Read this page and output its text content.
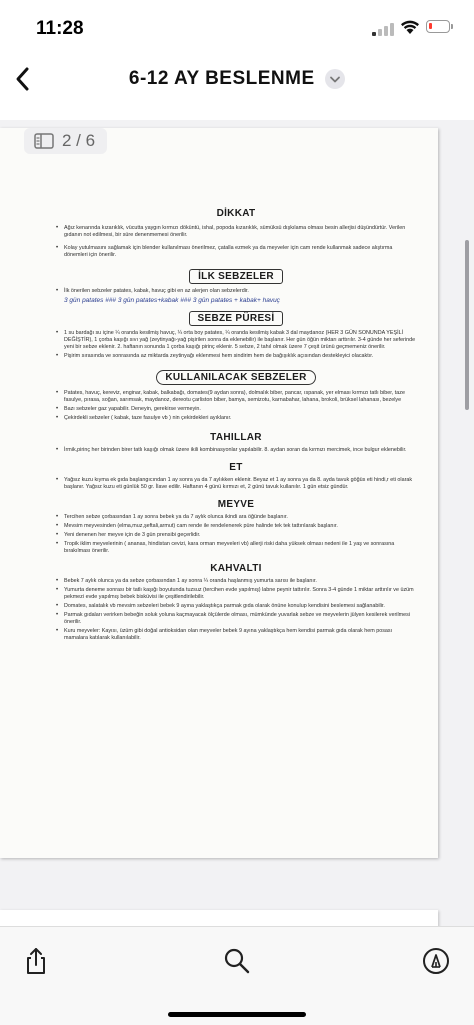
11:28
6-12 AY BESLENME
DİKKAT

• Ağız kenarında kızarıklık, vücutta yaygın kırmızı döküntü, ishal, popoda kızarıklık, sümüksü dışkılama olması besin allerjisi düşündürtür. Verilen gıdanın not edilmesi, bir süre denenmemesi önerilir.

• Kolay yutulmasını sağlamak için blender kullanılması önerilmez, çatalla ezmek ya da meyveler için cam rende kullanmak sadece alıştırma dönemleri için önerilir.

İLK SEBZELER

• İlk önerilen sebzeler patates, kabak, havuç gibi en az alerjen olan sebzelerdir.

3 gün patates ### 3 gün patates+kabak ### 3 gün patates + kabak+ havuç

SEBZE PÜRESİ

• 1 su bardağı su içine ¼ oranda kesilmiş havuç, ¼ orta boy patates, ¼ oranda kesilmiş kabak 3 dal maydanoz (HER 3 GÜN SONUNDA YEŞİLİ DEĞİŞTİR), 1 çorba kaşığı sıvı yağ (zeytinyağı-yağ pişirilen sonra da eklenebilir) ile başlanır. Her gün öğün miktarı arttırılır. 3-4 günde her seferinde yeni bir sebze eklenir. 2. haftanın sonunda 1 çorba kaşığı pirinç eklenir. 5 sebze, 2 tahıl olmak üzere 7 çeşit ürünü geçmemeniz önerilir.

• Pişirim sırasında ve sonrasında az miktarda zeytinyağı eklenmesi hem sindirim hem de bağışıklık açısından destekleyici olacaktır.

KULLANILACAK SEBZELER

• Patates, havuç, kereviz, enginar, kabak, balkabağı, domates(9 aydan sonra), dolmalık biber, pancar, ıspanak, yer elması kırmızı tatlı biber, taze fasulye, pırasa, soğan, sarımsak, maydanoz, dereotu çarliston biber, bamya, semizotu, karnabahar, lahana, brokoli, brüksel lahanası, bezelye

• Bazı sebzeler gaz yapabilir. Deneyin, gerekirse vermeyin.

• Çekirdekli sebzeler ( kabak, taze fasulye vb ) nin çekirdekleri ayıklanır.

TAHILLAR

• İrmik,pirinç her birinden birer tatlı kaşığı olmak üzere ikili kombinasyonlar yapılabilir. 8. aydan soran da kırmızı mercimek, ince bulgur eklenebilir.

ET

• Yağsız kuzu kıyma ek gıda başlangıcından 1 ay sonra ya da 7 aylıkken eklenir. Beyaz et 1 ay sonra ya da 8. ayda tavuk göğüs eti hindi,r eti olarak başlanır. Yağsız kuzu eti günlük 50 gr. İlave edilir. Haftanın 4 günü kırmızı et, 2 günü tavuk kullanılır. 1 gün etsiz gündür.

MEYVE

• Tercihen sebze çorbasından 1 ay sonra bebek ya da 7 aylık olunca ikindi ara öğünde başlanır.

• Mevsim meyvesinden (elma,muz,şeftali,armut) cam rende ile rendelenerek püre halinde tek tek tattırılarak başlanır.

• Yeni denenen her meyve için de 3 gün prensibi geçerlidir.

• Tropik iklim meyvelerinin ( ananas, hindistan cevizi, kara orman meyveleri vb) allerji riski daha yüksek olması nedeni ile 1 yaş ve sonrasına bırakılması önerilir.

KAHVALTI

• Bebek 7 aylık olunca ya da sebze çorbasından 1 ay sonra ¼ oranda haşlanmış yumurta sarısı ile başlanır.

• Yumurta deneme sonrası bir tatlı kaşığı boyutunda tuzsuz (tercihen evde yapılmış) labne peynir tattırılır. Sonra 3-4 günde 1 miktar arttırılır ve üzüm pekmezi evde yapılmış bebek bisküvisi ile çeşitlendirilebilir.

• Domates, salatalık vb mevsim sebzeleri bebek 9 ayına yaklaştıkça parmak gıda olarak önüne konulup kendisini beslemesi sağlanabilir.

• Parmak gıdaları verirken bebeğin soluk yoluna kaçmayacak ölçülerde olması, mümkünde yuvarlak sebze ve meyvelerin jülyen kesilerek verilmesi önerilir.

• Kuru meyveler: Kayısı, üzüm gibi doğal antioksidan olan meyveler bebek 9 ayına yaklaştıkça hem kendisi parmak gıda olarak hem posası mamalara katılarak kullanılabilir.

2 / 6
